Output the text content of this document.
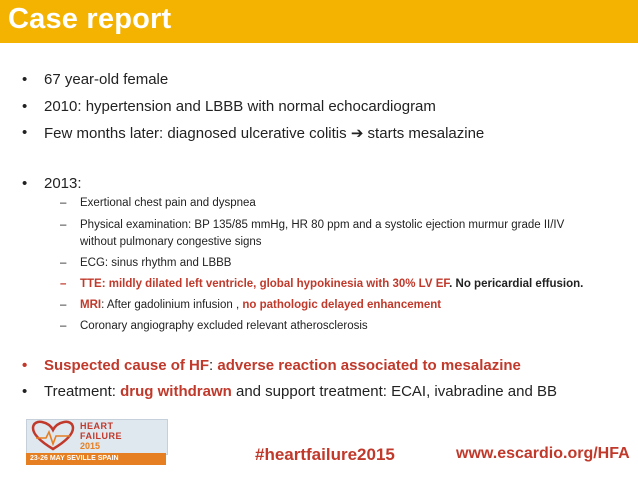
Case report
• 67 year-old female
• 2010: hypertension and LBBB with normal echocardiogram
• Few months later: diagnosed ulcerative colitis ➔ starts mesalazine
• 2013:
– Exertional chest pain and dyspnea
– Physical examination: BP 135/85 mmHg, HR 80 ppm and a systolic ejection murmur grade II/IV
without pulmonary congestive signs
– ECG: sinus rhythm and LBBB
– TTE: mildly dilated left ventricle, global hypokinesia with 30% LV EF. No pericardial effusion.
– MRI: After gadolinium infusion , no pathologic delayed enhancement
– Coronary angiography excluded relevant atherosclerosis
• Suspected cause of HF: adverse reaction associated to mesalazine
• Treatment: drug withdrawn and support treatment: ECAI, ivabradine and BB
HEART
FAILURE
2015
23-26 MAY SEVILLE SPAIN	#heartfailure2015	www.escardio.org/HFA
